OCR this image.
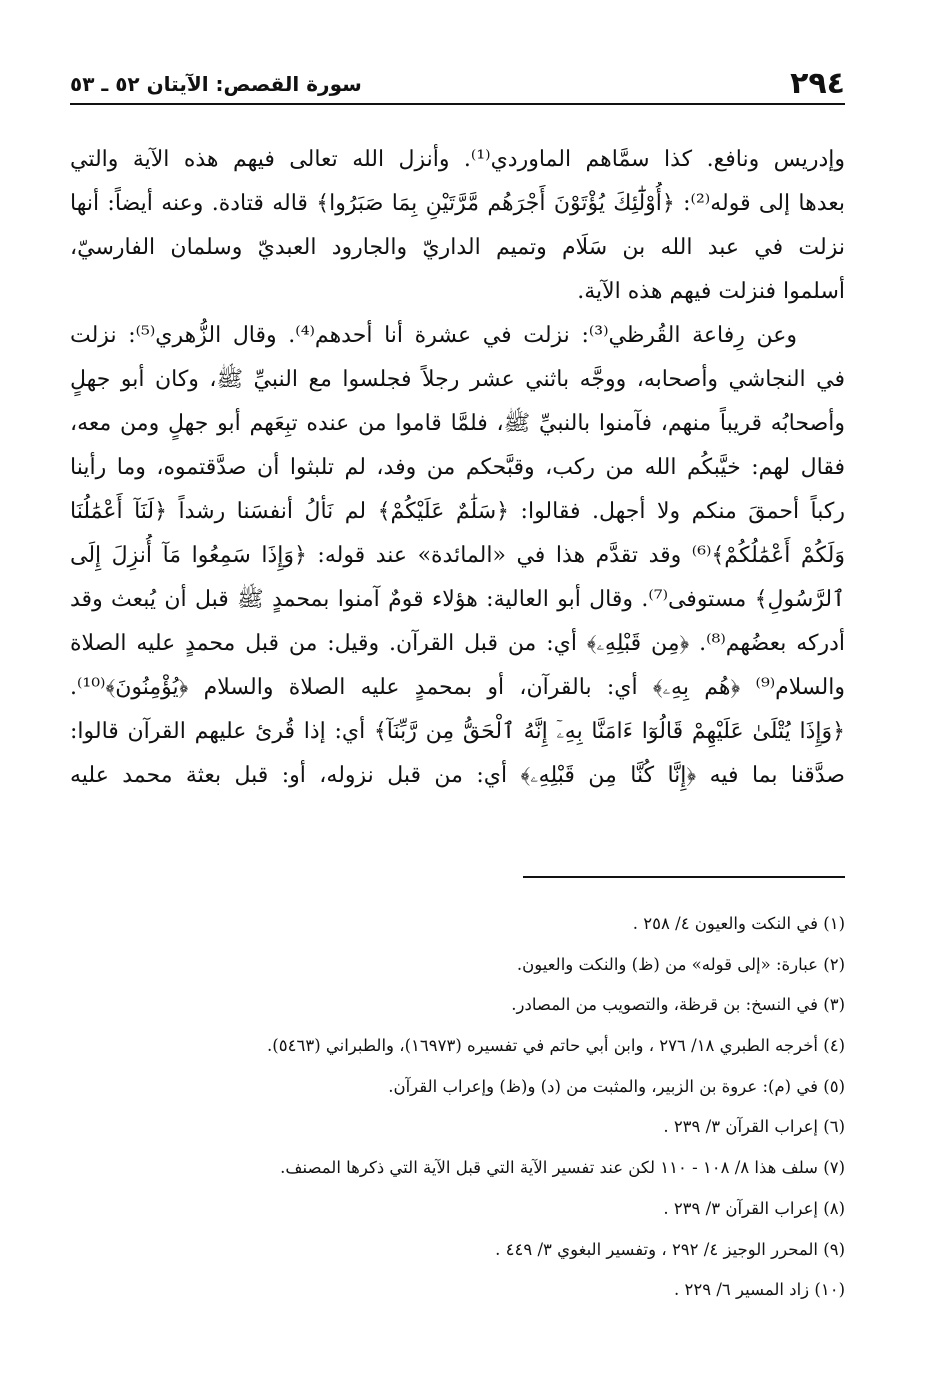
٢٩٤
سورة القصص: الآيتان ٥٢ ـ ٥٣
وإدريس ونافع. كذا سمَّاهم الماوردي⁽¹⁾. وأنزل الله تعالى فيهم هذه الآية والتي
بعدها إلى قوله⁽²⁾: ﴿أُوْلَٰٓئِكَ يُؤْتَوْنَ أَجْرَهُم مَّرَّتَيْنِ بِمَا صَبَرُوا﴾ قاله قتادة. وعنه أيضاً: أنها
نزلت في عبد الله بن سَلَام وتميم الداريّ والجارود العبديّ وسلمان الفارسيّ،
أسلموا فنزلت فيهم هذه الآية.
وعن رِفاعة القُرظي⁽³⁾: نزلت في عشرة أنا أحدهم⁽⁴⁾. وقال الزُّهري⁽⁵⁾: نزلت
في النجاشي وأصحابه، ووجَّه باثني عشر رجلاً فجلسوا مع النبيِّ ﷺ، وكان أبو جهلٍ
وأصحابُه قريباً منهم، فآمنوا بالنبيِّ ﷺ، فلمَّا قاموا من عنده تبِعَهم أبو جهلٍ ومن معه،
فقال لهم: خيَّبكُم الله من ركب، وقبَّحكم من وفد، لم تلبثوا أن صدَّقتموه، وما رأينا
ركباً أحمقَ منكم ولا أجهل. فقالوا: ﴿سَلَٰمٌ عَلَيْكُمْ﴾ لم نَألُ أنفسَنا رشداً ﴿لَنَآ أَعْمَٰلُنَا
وَلَكُمْ أَعْمَٰلُكُمْ﴾⁽⁶⁾ وقد تقدَّم هذا في «المائدة» عند قوله: ﴿وَإِذَا سَمِعُوا مَآ أُنزِلَ إِلَى
ٱلرَّسُولِ﴾ مستوفى⁽⁷⁾. وقال أبو العالية: هؤلاء قومٌ آمنوا بمحمدٍ ﷺ قبل أن يُبعث وقد
أدركه بعضُهم⁽⁸⁾. ﴿مِن قَبْلِهِۦ﴾ أي: من قبل القرآن. وقيل: من قبل محمدٍ عليه الصلاة
والسلام⁽⁹⁾ ﴿هُم بِهِۦ﴾ أي: بالقرآن، أو بمحمدٍ عليه الصلاة والسلام ﴿يُؤْمِنُونَ﴾⁽¹⁰⁾.
﴿وَإِذَا يُتْلَىٰ عَلَيْهِمْ قَالُوٓا ءَامَنَّا بِهِۦٓ إِنَّهُ ٱلْحَقُّ مِن رَّبِّنَآ﴾ أي: إذا قُرئ عليهم القرآن قالوا:
صدَّقنا بما فيه ﴿إِنَّا كُنَّا مِن قَبْلِهِۦ﴾ أي: من قبل نزوله، أو: قبل بعثة محمد عليه
(١) في النكت والعيون ٤/ ٢٥٨ .
(٢) عبارة: «إلى قوله» من (ظ) والنكت والعيون.
(٣) في النسخ: بن قرظة، والتصويب من المصادر.
(٤) أخرجه الطبري ١٨/ ٢٧٦ ، وابن أبي حاتم في تفسيره (١٦٩٧٣)، والطبراني (٥٤٦٣).
(٥) في (م): عروة بن الزبير، والمثبت من (د) و(ظ) وإعراب القرآن.
(٦) إعراب القرآن ٣/ ٢٣٩ .
(٧) سلف هذا ٨/ ١٠٨ - ١١٠ لكن عند تفسير الآية التي قبل الآية التي ذكرها المصنف.
(٨) إعراب القرآن ٣/ ٢٣٩ .
(٩) المحرر الوجيز ٤/ ٢٩٢ ، وتفسير البغوي ٣/ ٤٤٩ .
(١٠) زاد المسير ٦/ ٢٢٩ .
